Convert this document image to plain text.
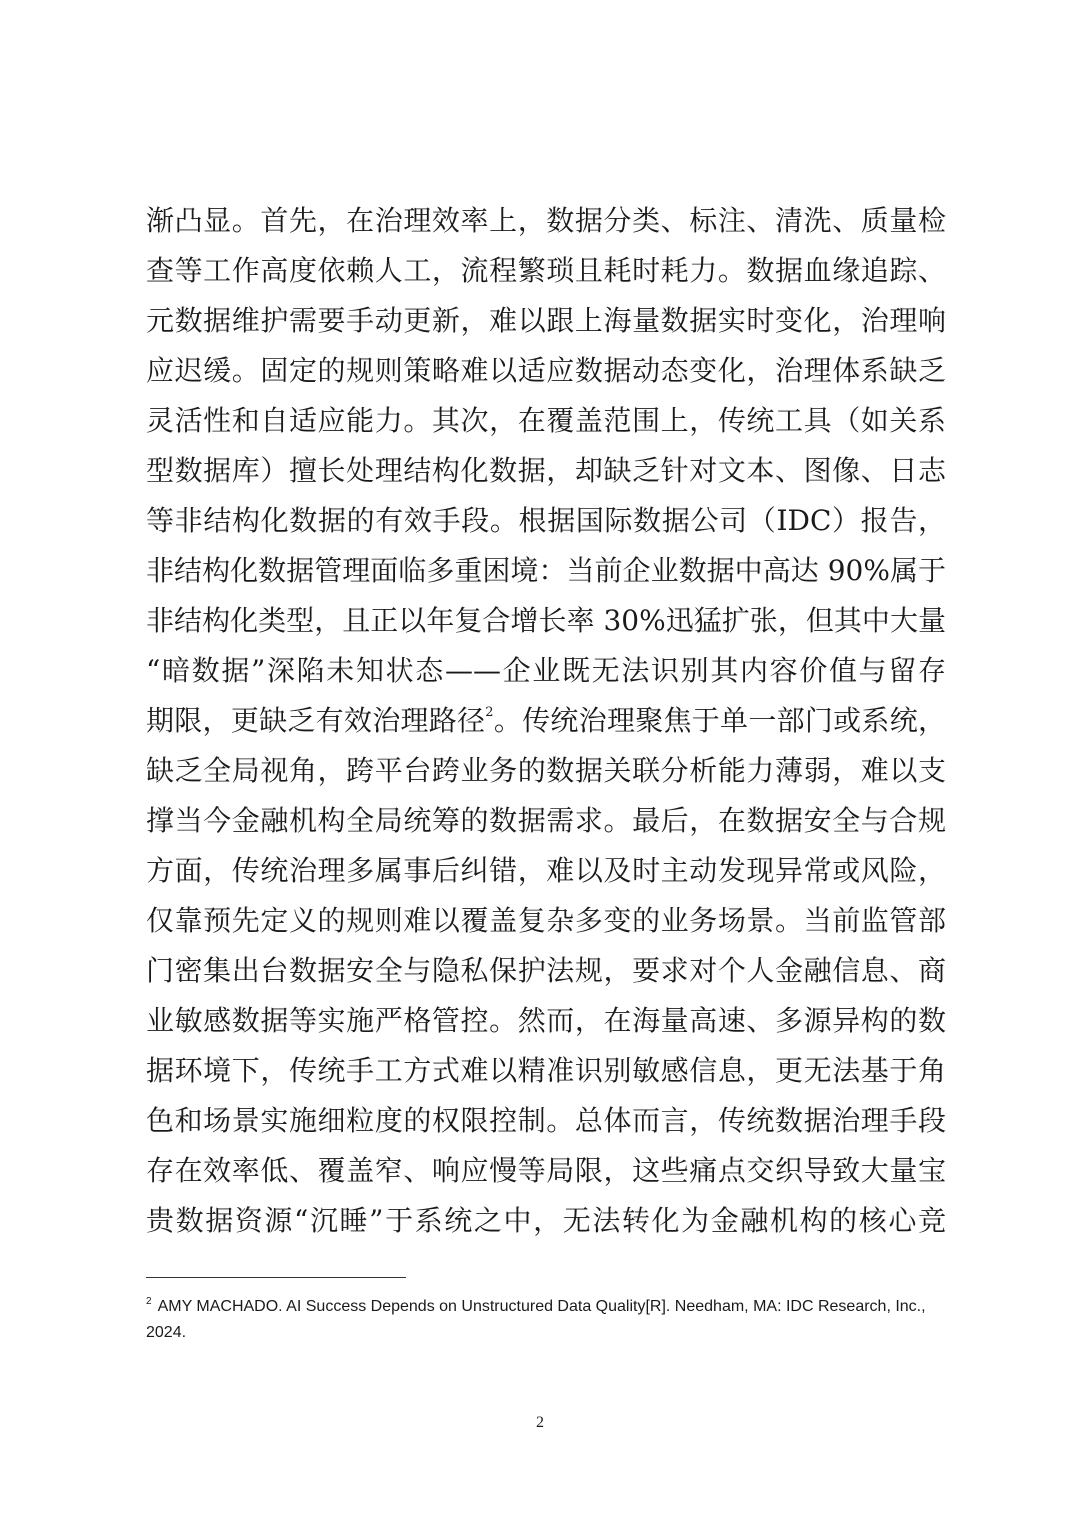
渐凸显。首先，在治理效率上，数据分类、标注、清洗、质量检
查等工作高度依赖人工，流程繁琐且耗时耗力。数据血缘追踪、
元数据维护需要手动更新，难以跟上海量数据实时变化，治理响
应迟缓。固定的规则策略难以适应数据动态变化，治理体系缺乏
灵活性和自适应能力。其次，在覆盖范围上，传统工具（如关系
型数据库）擅长处理结构化数据，却缺乏针对文本、图像、日志
等非结构化数据的有效手段。根据国际数据公司（IDC）报告，
非结构化数据管理面临多重困境：当前企业数据中高达 90%属于
非结构化类型，且正以年复合增长率 30%迅猛扩张，但其中大量
“暗数据”深陷未知状态——企业既无法识别其内容价值与留存
期限，更缺乏有效治理路径$^2$。传统治理聚焦于单一部门或系统，
缺乏全局视角，跨平台跨业务的数据关联分析能力薄弱，难以支
撑当今金融机构全局统筹的数据需求。最后，在数据安全与合规
方面，传统治理多属事后纠错，难以及时主动发现异常或风险，
仅靠预先定义的规则难以覆盖复杂多变的业务场景。当前监管部
门密集出台数据安全与隐私保护法规，要求对个人金融信息、商
业敏感数据等实施严格管控。然而，在海量高速、多源异构的数
据环境下，传统手工方式难以精准识别敏感信息，更无法基于角
色和场景实施细粒度的权限控制。总体而言，传统数据治理手段
存在效率低、覆盖窄、响应慢等局限，这些痛点交织导致大量宝
贵数据资源“沉睡”于系统之中，无法转化为金融机构的核心竞
$^2$ AMY MACHADO. AI Success Depends on Unstructured Data Quality[R]. Needham, MA: IDC Research, Inc., 2024.
2
